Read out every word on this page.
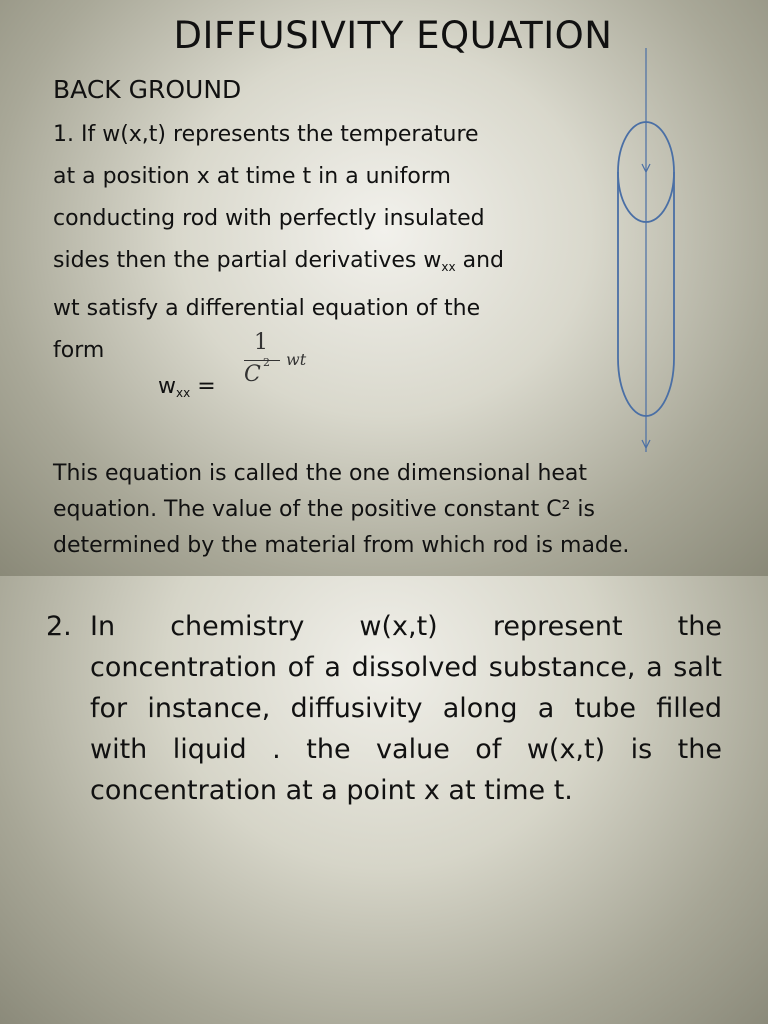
DIFFUSIVITY EQUATION
BACK GROUND
1. If w(x,t) represents the temperature
at a position x at time t in a uniform
conducting rod with perfectly insulated
sides then the partial derivatives $w_{xx}$ and
wt satisfy a differential equation of the
form
$w_{xx}$ =
1
C 2 wt
This equation is called the one dimensional heat
equation. The value of the positive constant C² is
determined by the material from which rod is made.
2. In chemistry w(x,t) represent the
concentration of a dissolved substance, a salt
for instance, diffusivity along a tube filled
with liquid . the value of w(x,t) is the
concentration at a point x at time t.
